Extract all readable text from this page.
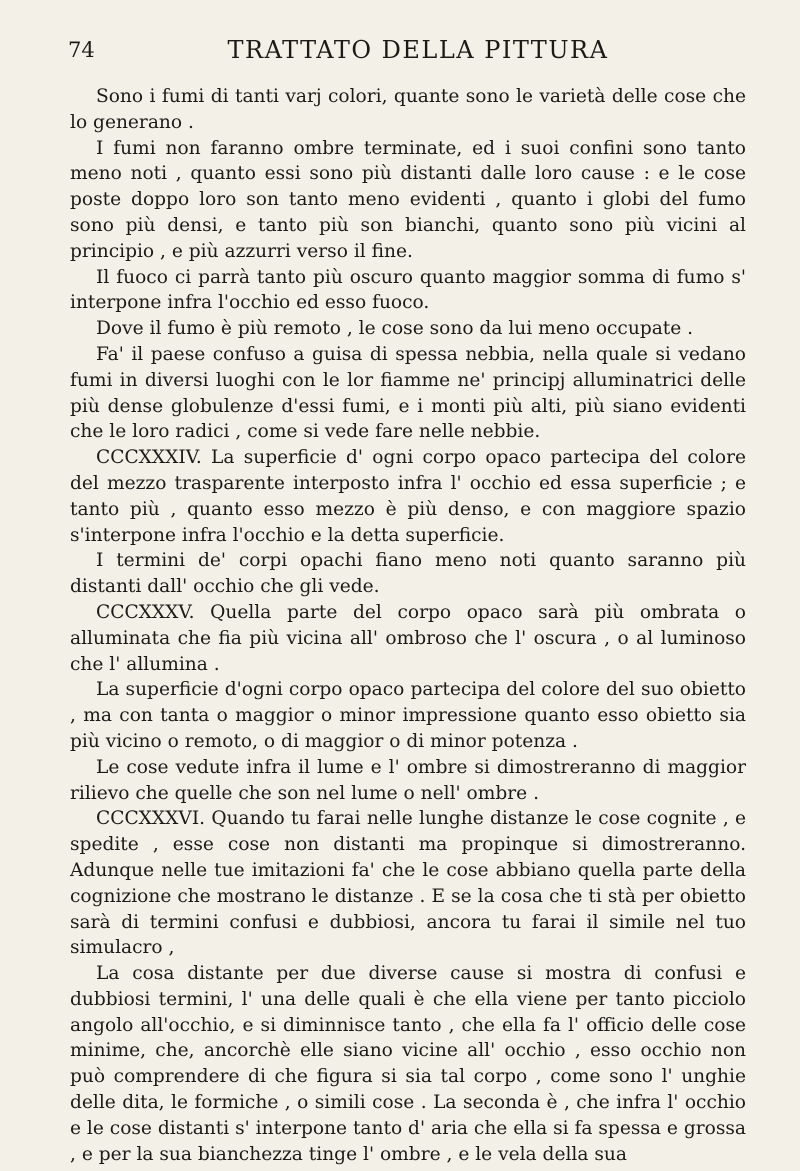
74	TRATTATO DELLA PITTURA

Sono i fumi di tanti varj colori, quante sono le varietà delle cose che lo generano .

I fumi non faranno ombre terminate, ed i suoi confini sono tanto meno noti , quanto essi sono più distanti dalle loro cause : e le cose poste doppo loro son tanto meno evidenti , quanto i globi del fumo sono più densi, e tanto più son bianchi, quanto sono più vicini al principio , e più azzurri verso il fine.

Il fuoco ci parrà tanto più oscuro quanto maggior somma di fumo s' interpone infra l'occhio ed esso fuoco.

Dove il fumo è più remoto , le cose sono da lui meno occupate .

Fa' il paese confuso a guisa di spessa nebbia, nella quale si vedano fumi in diversi luoghi con le lor fiamme ne' principj alluminatrici delle più dense globulenze d'essi fumi, e i monti più alti, più siano evidenti che le loro radici , come si vede fare nelle nebbie.

CCCXXXIV. La superficie d' ogni corpo opaco partecipa del colore del mezzo trasparente interposto infra l' occhio ed essa superficie ; e tanto più , quanto esso mezzo è più denso, e con maggiore spazio s'interpone infra l'occhio e la detta superficie.

I termini de' corpi opachi fiano meno noti quanto saranno più distanti dall' occhio che gli vede.

CCCXXXV. Quella parte del corpo opaco sarà più ombrata o alluminata che fia più vicina all' ombroso che l' oscura , o al luminoso che l' allumina .

La superficie d'ogni corpo opaco partecipa del colore del suo obietto , ma con tanta o maggior o minor impressione quanto esso obietto sia più vicino o remoto, o di maggior o di minor potenza .

Le cose vedute infra il lume e l' ombre si dimostreranno di maggior rilievo che quelle che son nel lume o nell' ombre .

CCCXXXVI. Quando tu farai nelle lunghe distanze le cose cognite , e spedite , esse cose non distanti ma propinque si dimostreranno. Adunque nelle tue imitazioni fa' che le cose abbiano quella parte della cognizione che mostrano le distanze . E se la cosa che ti stà per obietto sarà di termini confusi e dubbiosi, ancora tu farai il simile nel tuo simulacro ,

La cosa distante per due diverse cause si mostra di confusi e dubbiosi termini, l' una delle quali è che ella viene per tanto picciolo angolo all'occhio, e si diminnisce tanto , che ella fa l' officio delle cose minime, che, ancorchè elle siano vicine all' occhio , esso occhio non può comprendere di che figura si sia tal corpo , come sono l' unghie delle dita, le formiche , o simili cose . La seconda è , che infra l' occhio e le cose distanti s' interpone tanto d' aria che ella si fa spessa e grossa , e per la sua bianchezza tinge l' ombre , e le vela della sua
